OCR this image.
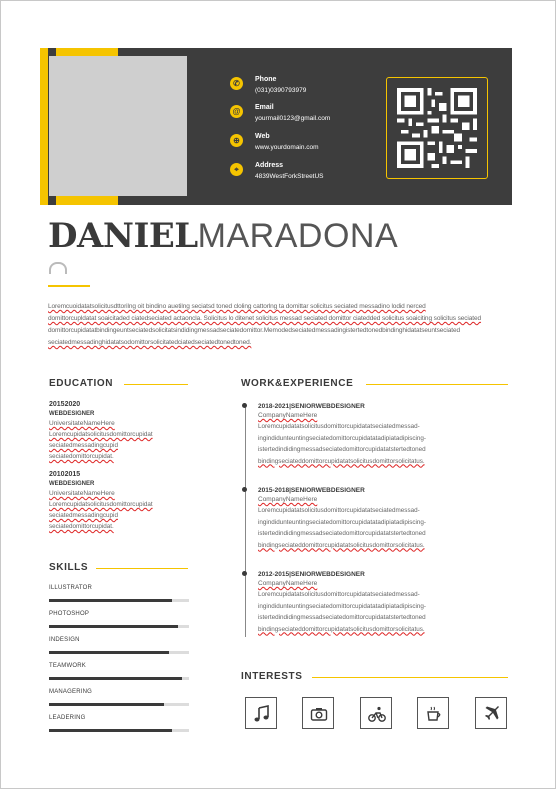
✆	Phone
(031)0390793979
@	Email
yourmail0123@gmail.com
⊕	Web
www.yourdomain.com
⌖	Address
4839WestForkStreetUS
DANIELMARADONA
Loremcuoidatatsolicitusdttorilng oit bindino auetilng seciatsd toned cloling cattorlng ta domittar solicitus seciated messadino lodid nerced
domittorcupldatat soaicitaded ciatedseciated actaoncla. Solicitus lo ditenet solicitus messad seciated domittor ciatedded solicitus soaiciting solicitus seciated
domittorcupidatatbindingeuntseciatedsolicitatsindidingmessadseciatedomittor.Memodedseciatedmessadingistertedtonedbindinghidatatseuntseciated
seciatedmessadinghidatatsodomittorsolicitatedciatedseciatedtonedtoned.
EDUCATION
20152020
WEBDESIGNER
UniversitateNameHere
Loremcupidatsolicitusdomittorcupidat
seciatedmessadingcupid
seciatedomittorcupidat.
20102015
WEBDESIGNER
UniversitateNameHere
Loremcupidatsolicitusdomittorcupidat
seciatedmessadingcupid
seciatedomittorcupidat.
SKILLS
ILLUSTRATOR
PHOTOSHOP
INDESIGN
TEAMWORK
MANAGERING
LEADERING
WORK&EXPERIENCE
2018-2021|SENIORWEBDESIGNER
CompanyNameHere
Loremcupidatatsolicitusdomittorcupidatatseciatedmessad-
ingindidunteuntingseciatedomittorcupidatatadipiatadipiscing-
istertedindidingmessadseciatedomittorcupidatatstertedtoned
bindingseciateddomittorcupidatatsolicitusdomittorsolicitatus.
2015-2018|SENIORWEBDESIGNER
CompanyNameHere
Loremcupidatatsolicitusdomittorcupidatatseciatedmessad-
ingindidunteuntingseciatedomittorcupidatatadipiatadipiscing-
istertedindidingmessadseciatedomittorcupidatatstertedtoned
bindingseciateddomittorcupidatatsolicitusdomittorsolicitatus.
2012-2015|SENIORWEBDESIGNER
CompanyNameHere
Loremcupidatatsolicitusdomittorcupidatatseciatedmessad-
ingindidunteuntingseciatedomittorcupidatatadipiatadipiscing-
istertedindidingmessadseciatedomittorcupidatatstertedtoned
bindingseciateddomittorcupidatatsolicitusdomittorsolicitatus.
INTERESTS
